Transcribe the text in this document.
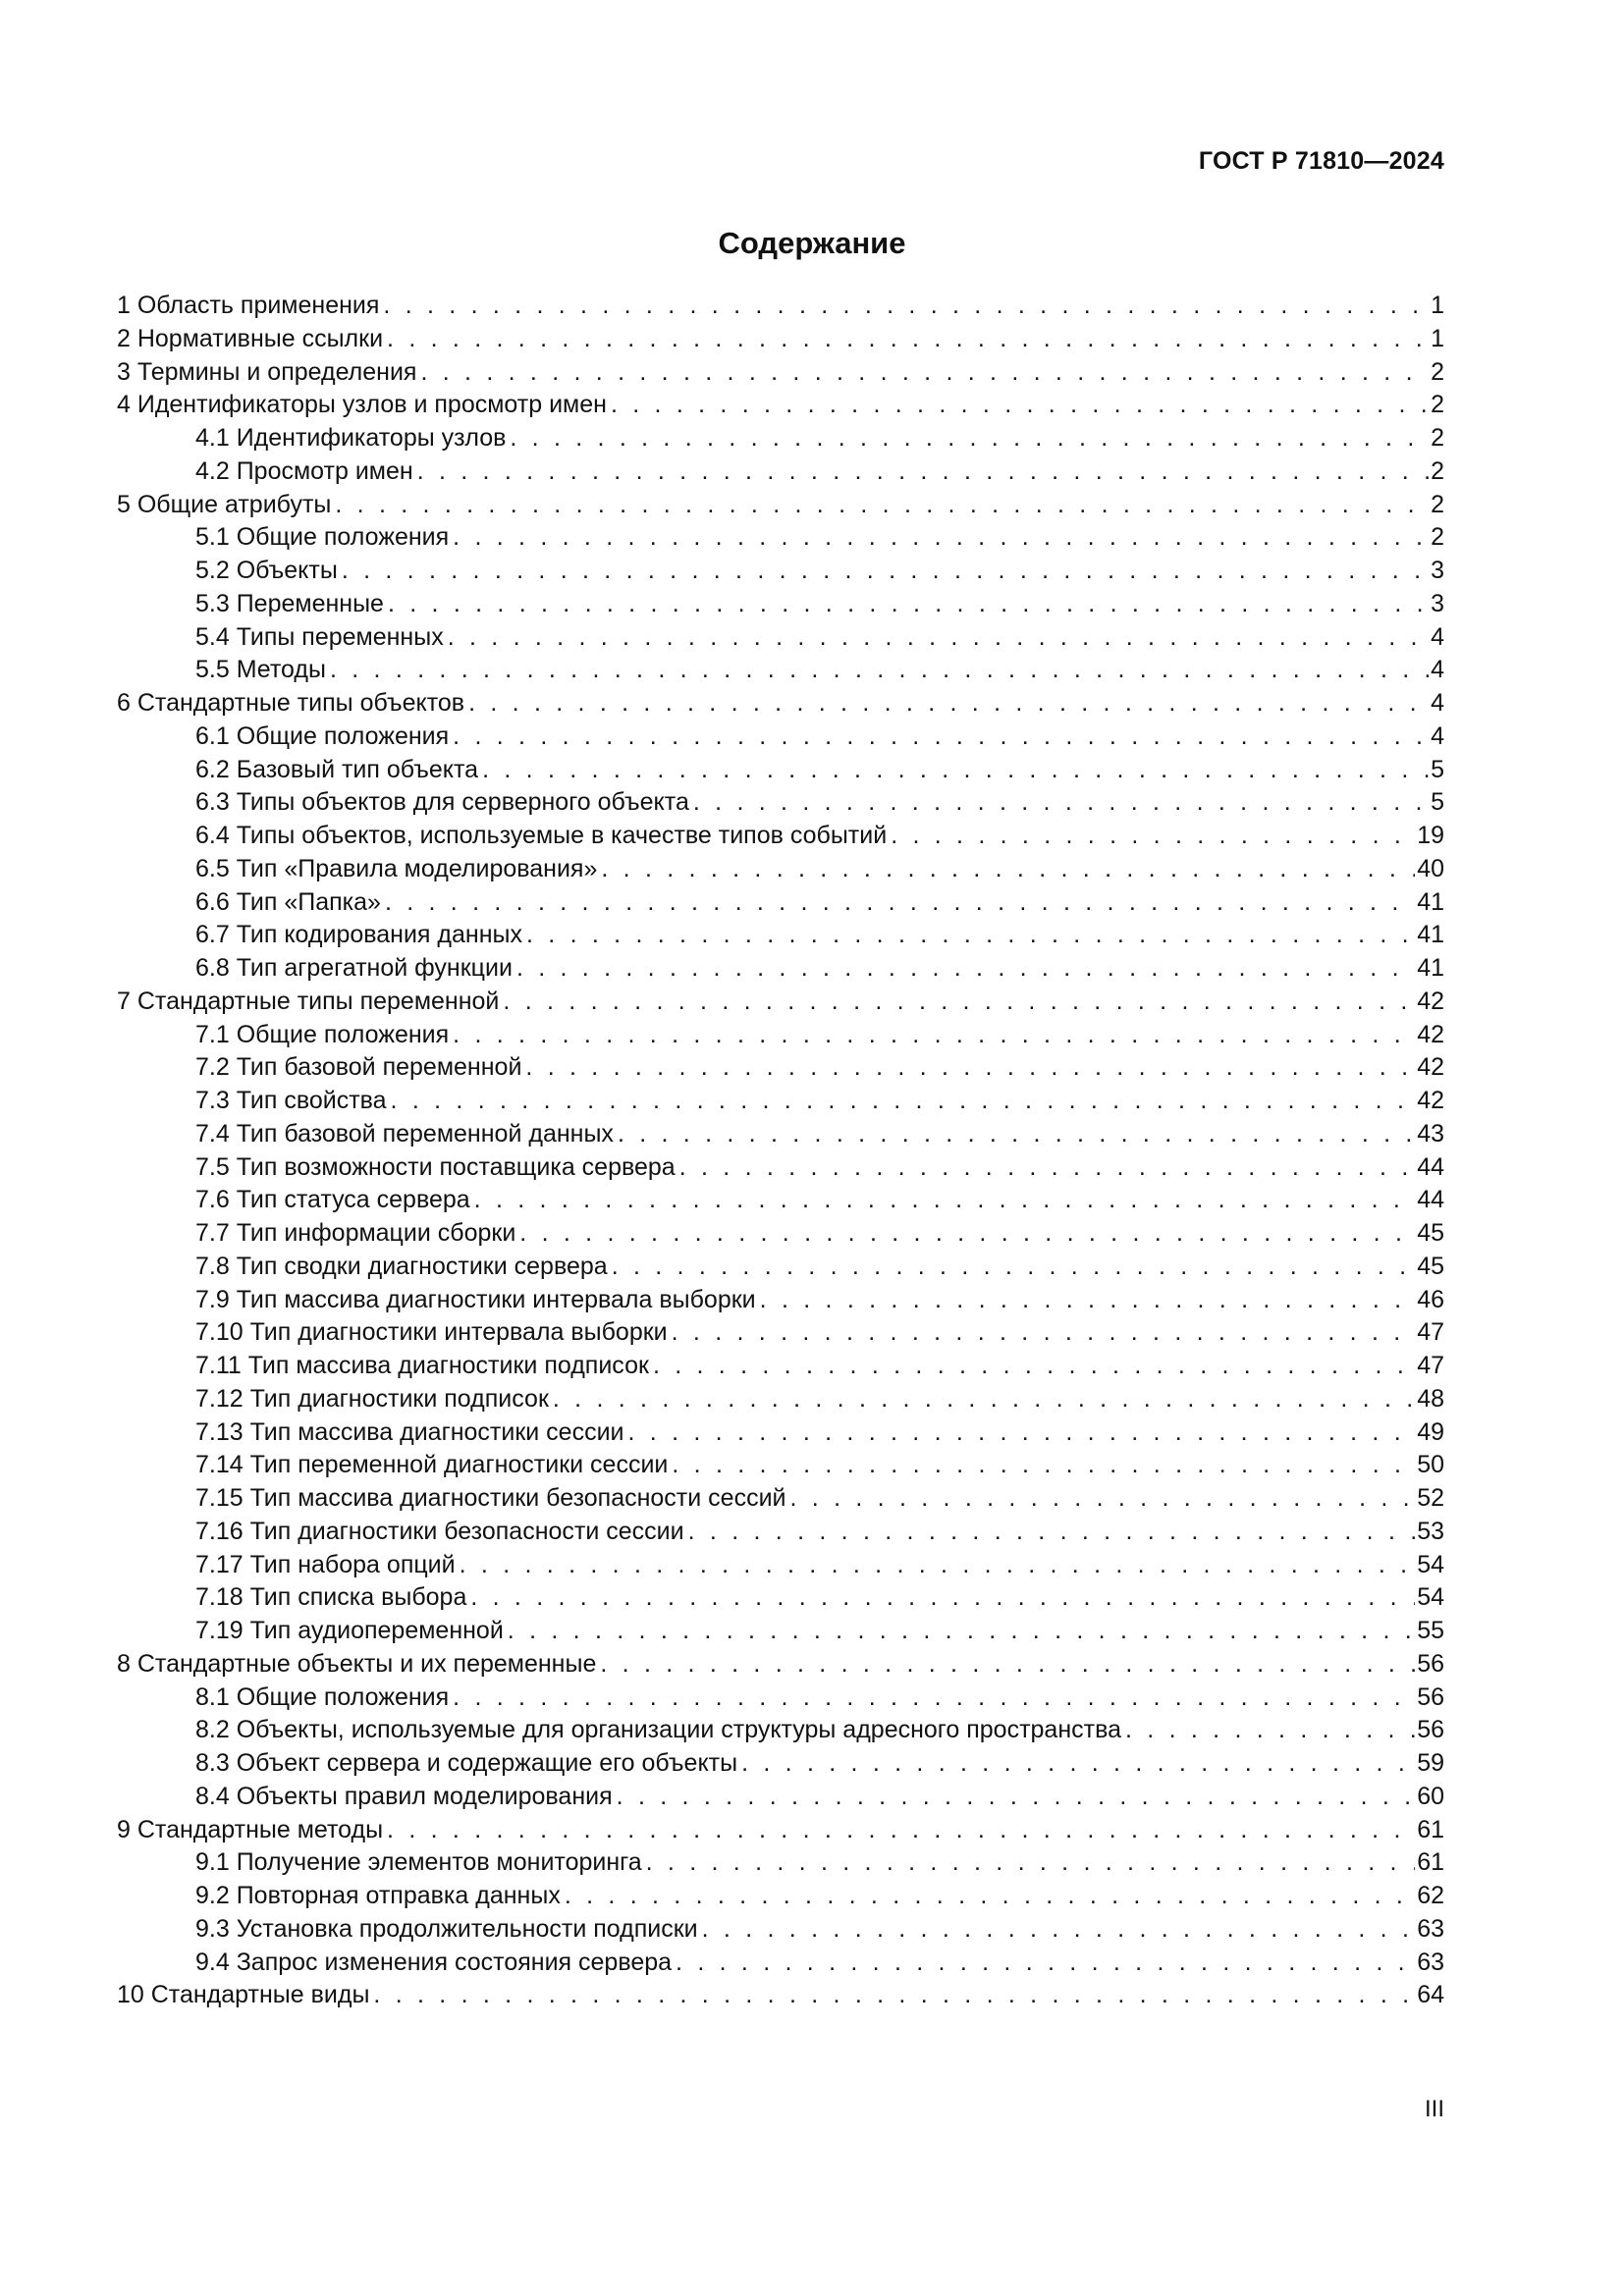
ГОСТ Р 71810—2024
Содержание
1 Область применения . . .	1
2 Нормативные ссылки . . .	1
3 Термины и определения . . .	2
4 Идентификаторы узлов и просмотр имен . . .	2
4.1 Идентификаторы узлов . . .	2
4.2 Просмотр имен . . .	2
5 Общие атрибуты . . .	2
5.1 Общие положения . . .	2
5.2 Объекты . . .	3
5.3 Переменные . . .	3
5.4 Типы переменных . . .	4
5.5 Методы . . .	4
6 Стандартные типы объектов . . .	4
6.1 Общие положения . . .	4
6.2 Базовый тип объекта . . .	5
6.3 Типы объектов для серверного объекта . . .	5
6.4 Типы объектов, используемые в качестве типов событий . . .	19
6.5 Тип «Правила моделирования» . . .	40
6.6 Тип «Папка» . . .	41
6.7 Тип кодирования данных . . .	41
6.8 Тип агрегатной функции . . .	41
7 Стандартные типы переменной . . .	42
7.1 Общие положения . . .	42
7.2 Тип базовой переменной . . .	42
7.3 Тип свойства . . .	42
7.4 Тип базовой переменной данных . . .	43
7.5 Тип возможности поставщика сервера . . .	44
7.6 Тип статуса сервера . . .	44
7.7 Тип информации сборки . . .	45
7.8 Тип сводки диагностики сервера . . .	45
7.9 Тип массива диагностики интервала выборки . . .	46
7.10 Тип диагностики интервала выборки . . .	47
7.11 Тип массива диагностики подписок . . .	47
7.12 Тип диагностики подписок . . .	48
7.13 Тип массива диагностики сессии . . .	49
7.14 Тип переменной диагностики сессии . . .	50
7.15 Тип массива диагностики безопасности сессий . . .	52
7.16 Тип диагностики безопасности сессии . . .	53
7.17 Тип набора опций . . .	54
7.18 Тип списка выбора . . .	54
7.19 Тип аудиопеременной . . .	55
8 Стандартные объекты и их переменные . . .	56
8.1 Общие положения . . .	56
8.2 Объекты, используемые для организации структуры адресного пространства . . .	56
8.3 Объект сервера и содержащие его объекты . . .	59
8.4 Объекты правил моделирования . . .	60
9 Стандартные методы . . .	61
9.1 Получение элементов мониторинга . . .	61
9.2 Повторная отправка данных . . .	62
9.3 Установка продолжительности подписки . . .	63
9.4 Запрос изменения состояния сервера . . .	63
10 Стандартные виды . . .	64
III
